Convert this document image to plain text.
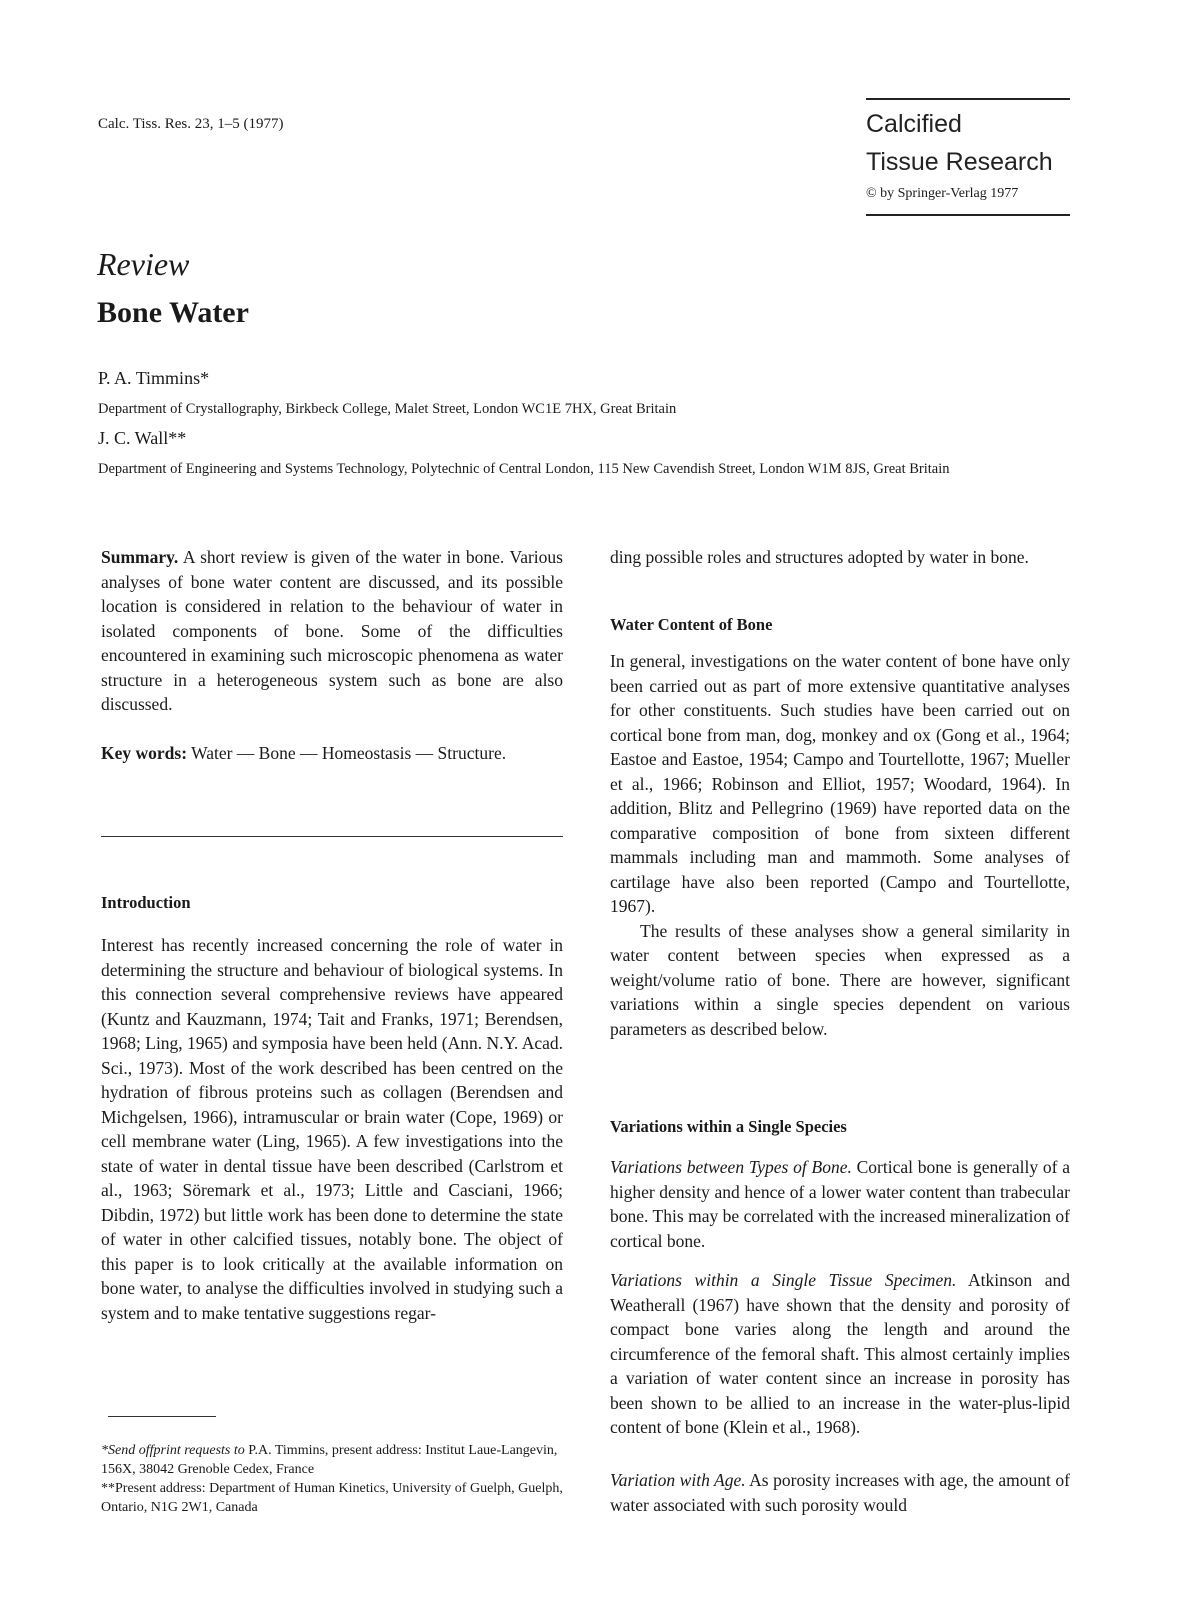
Calc. Tiss. Res. 23, 1–5 (1977)	Calcified
Tissue Research
© by Springer-Verlag 1977
Review
Bone Water
P. A. Timmins*
Department of Crystallography, Birkbeck College, Malet Street, London WC1E 7HX, Great Britain
J. C. Wall**
Department of Engineering and Systems Technology, Polytechnic of Central London, 115 New Cavendish Street, London W1M 8JS, Great Britain

Summary. A short review is given of the water in bone. Various analyses of bone water content are discussed, and its possible location is considered in relation to the behaviour of water in isolated components of bone. Some of the difficulties encountered in examining such microscopic phenomena as water structure in a heterogeneous system such as bone are also discussed.

Key words: Water — Bone — Homeostasis — Structure.

Introduction

Interest has recently increased concerning the role of water in determining the structure and behaviour of biological systems. In this connection several comprehensive reviews have appeared (Kuntz and Kauzmann, 1974; Tait and Franks, 1971; Berendsen, 1968; Ling, 1965) and symposia have been held (Ann. N.Y. Acad. Sci., 1973). Most of the work described has been centred on the hydration of fibrous proteins such as collagen (Berendsen and Michgelsen, 1966), intramuscular or brain water (Cope, 1969) or cell membrane water (Ling, 1965). A few investigations into the state of water in dental tissue have been described (Carlstrom et al., 1963; Söremark et al., 1973; Little and Casciani, 1966; Dibdin, 1972) but little work has been done to determine the state of water in other calcified tissues, notably bone. The object of this paper is to look critically at the available information on bone water, to analyse the difficulties involved in studying such a system and to make tentative suggestions regar-

*Send offprint requests to P.A. Timmins, present address: Institut Laue-Langevin, 156X, 38042 Grenoble Cedex, France
**Present address: Department of Human Kinetics, University of Guelph, Guelph, Ontario, N1G 2W1, Canada

ding possible roles and structures adopted by water in bone.

Water Content of Bone

In general, investigations on the water content of bone have only been carried out as part of more extensive quantitative analyses for other constituents. Such studies have been carried out on cortical bone from man, dog, monkey and ox (Gong et al., 1964; Eastoe and Eastoe, 1954; Campo and Tourtellotte, 1967; Mueller et al., 1966; Robinson and Elliot, 1957; Woodard, 1964). In addition, Blitz and Pellegrino (1969) have reported data on the comparative composition of bone from sixteen different mammals including man and mammoth. Some analyses of cartilage have also been reported (Campo and Tourtellotte, 1967).

The results of these analyses show a general similarity in water content between species when expressed as a weight/volume ratio of bone. There are however, significant variations within a single species dependent on various parameters as described below.

Variations within a Single Species

Variations between Types of Bone. Cortical bone is generally of a higher density and hence of a lower water content than trabecular bone. This may be correlated with the increased mineralization of cortical bone.

Variations within a Single Tissue Specimen. Atkinson and Weatherall (1967) have shown that the density and porosity of compact bone varies along the length and around the circumference of the femoral shaft. This almost certainly implies a variation of water content since an increase in porosity has been shown to be allied to an increase in the water-plus-lipid content of bone (Klein et al., 1968).

Variation with Age. As porosity increases with age, the amount of water associated with such porosity would
